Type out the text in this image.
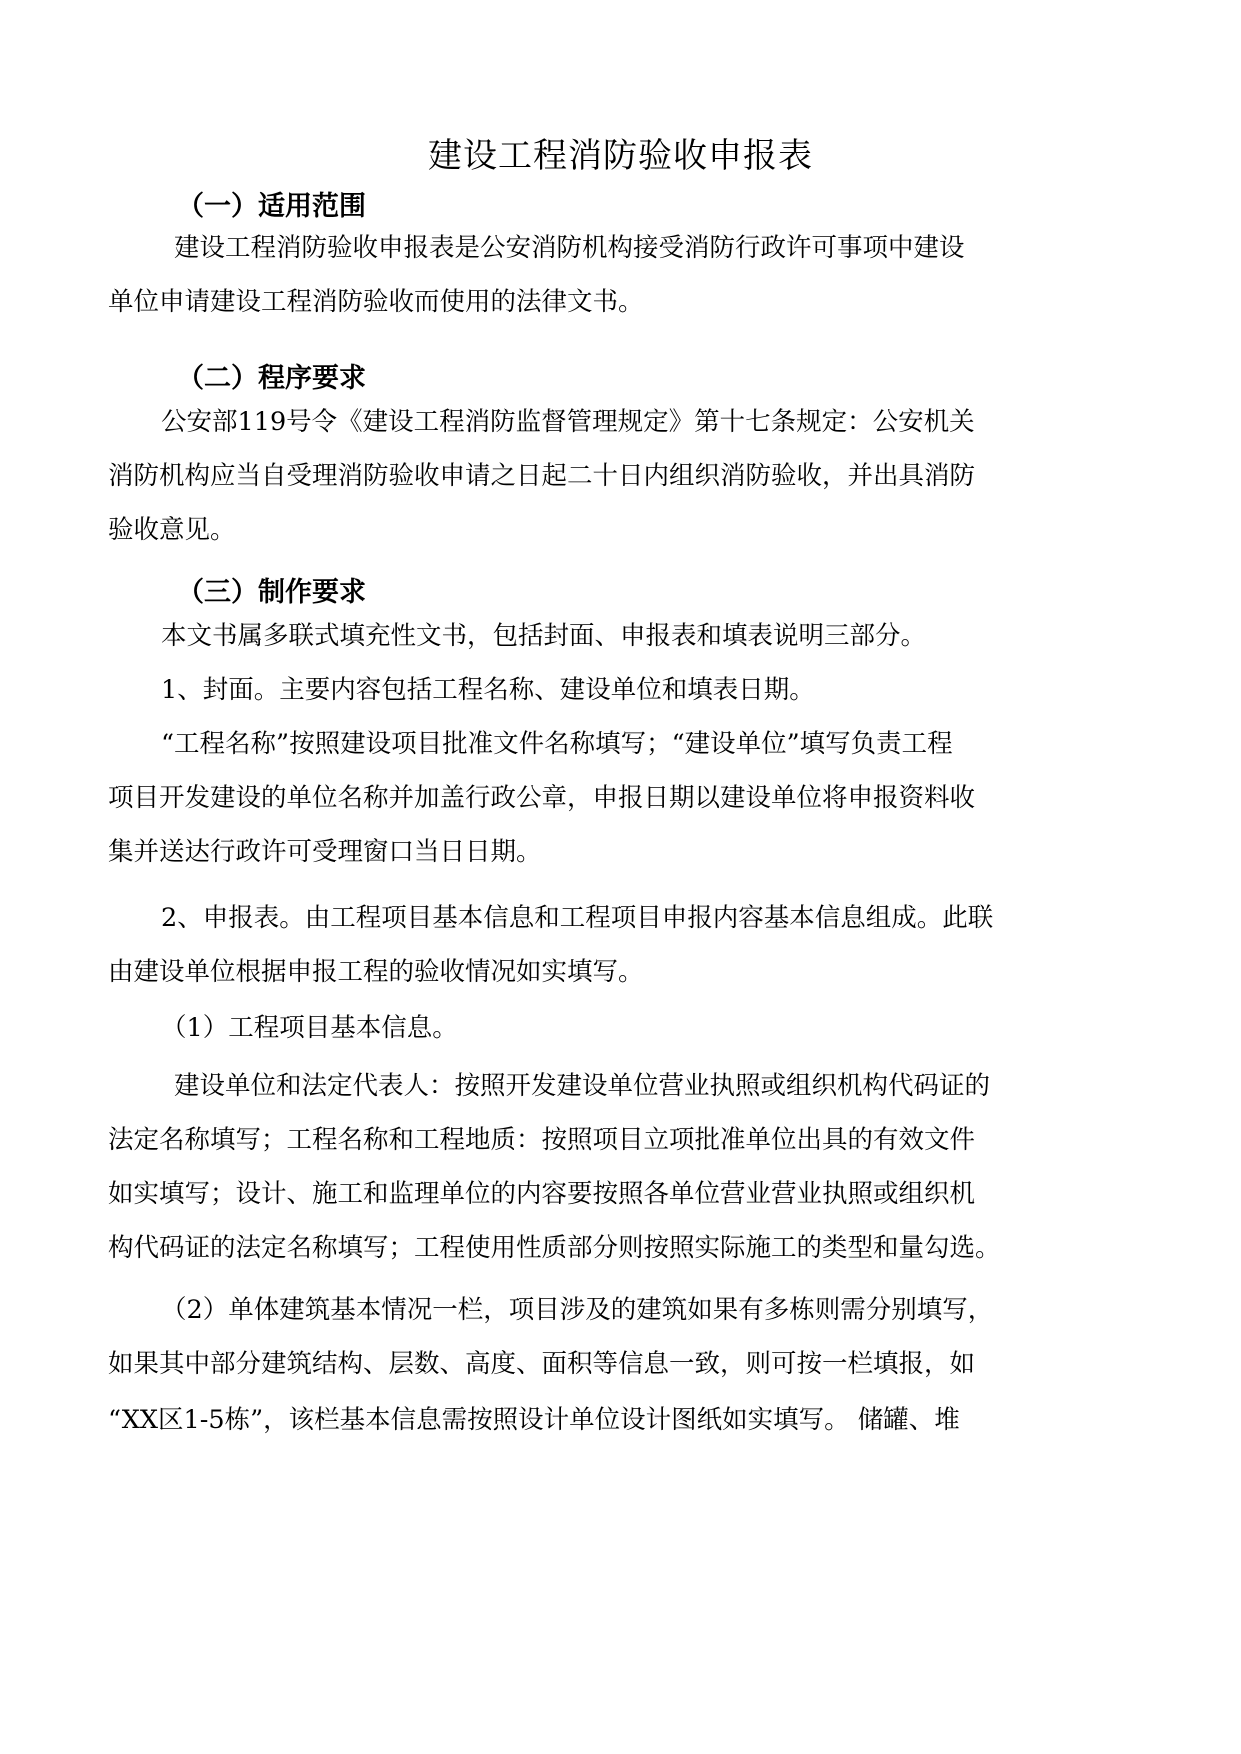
建设工程消防验收申报表
（一）适用范围
建设工程消防验收申报表是公安消防机构接受消防行政许可事项中建设
单位申请建设工程消防验收而使用的法律文书。
（二）程序要求
公安部119号令《建设工程消防监督管理规定》第十七条规定：公安机关
消防机构应当自受理消防验收申请之日起二十日内组织消防验收，并出具消防
验收意见。
（三）制作要求
本文书属多联式填充性文书，包括封面、申报表和填表说明三部分。
1、封面。主要内容包括工程名称、建设单位和填表日期。
“工程名称”按照建设项目批准文件名称填写；“建设单位”填写负责工程
项目开发建设的单位名称并加盖行政公章，申报日期以建设单位将申报资料收
集并送达行政许可受理窗口当日日期。
2、申报表。由工程项目基本信息和工程项目申报内容基本信息组成。此联
由建设单位根据申报工程的验收情况如实填写。
（1）工程项目基本信息。
建设单位和法定代表人：按照开发建设单位营业执照或组织机构代码证的
法定名称填写；工程名称和工程地质：按照项目立项批准单位出具的有效文件
如实填写；设计、施工和监理单位的内容要按照各单位营业营业执照或组织机
构代码证的法定名称填写；工程使用性质部分则按照实际施工的类型和量勾选。
（2）单体建筑基本情况一栏，项目涉及的建筑如果有多栋则需分别填写，
如果其中部分建筑结构、层数、高度、面积等信息一致，则可按一栏填报，如
“XX区1-5栋”，该栏基本信息需按照设计单位设计图纸如实填写。 储罐、堆
